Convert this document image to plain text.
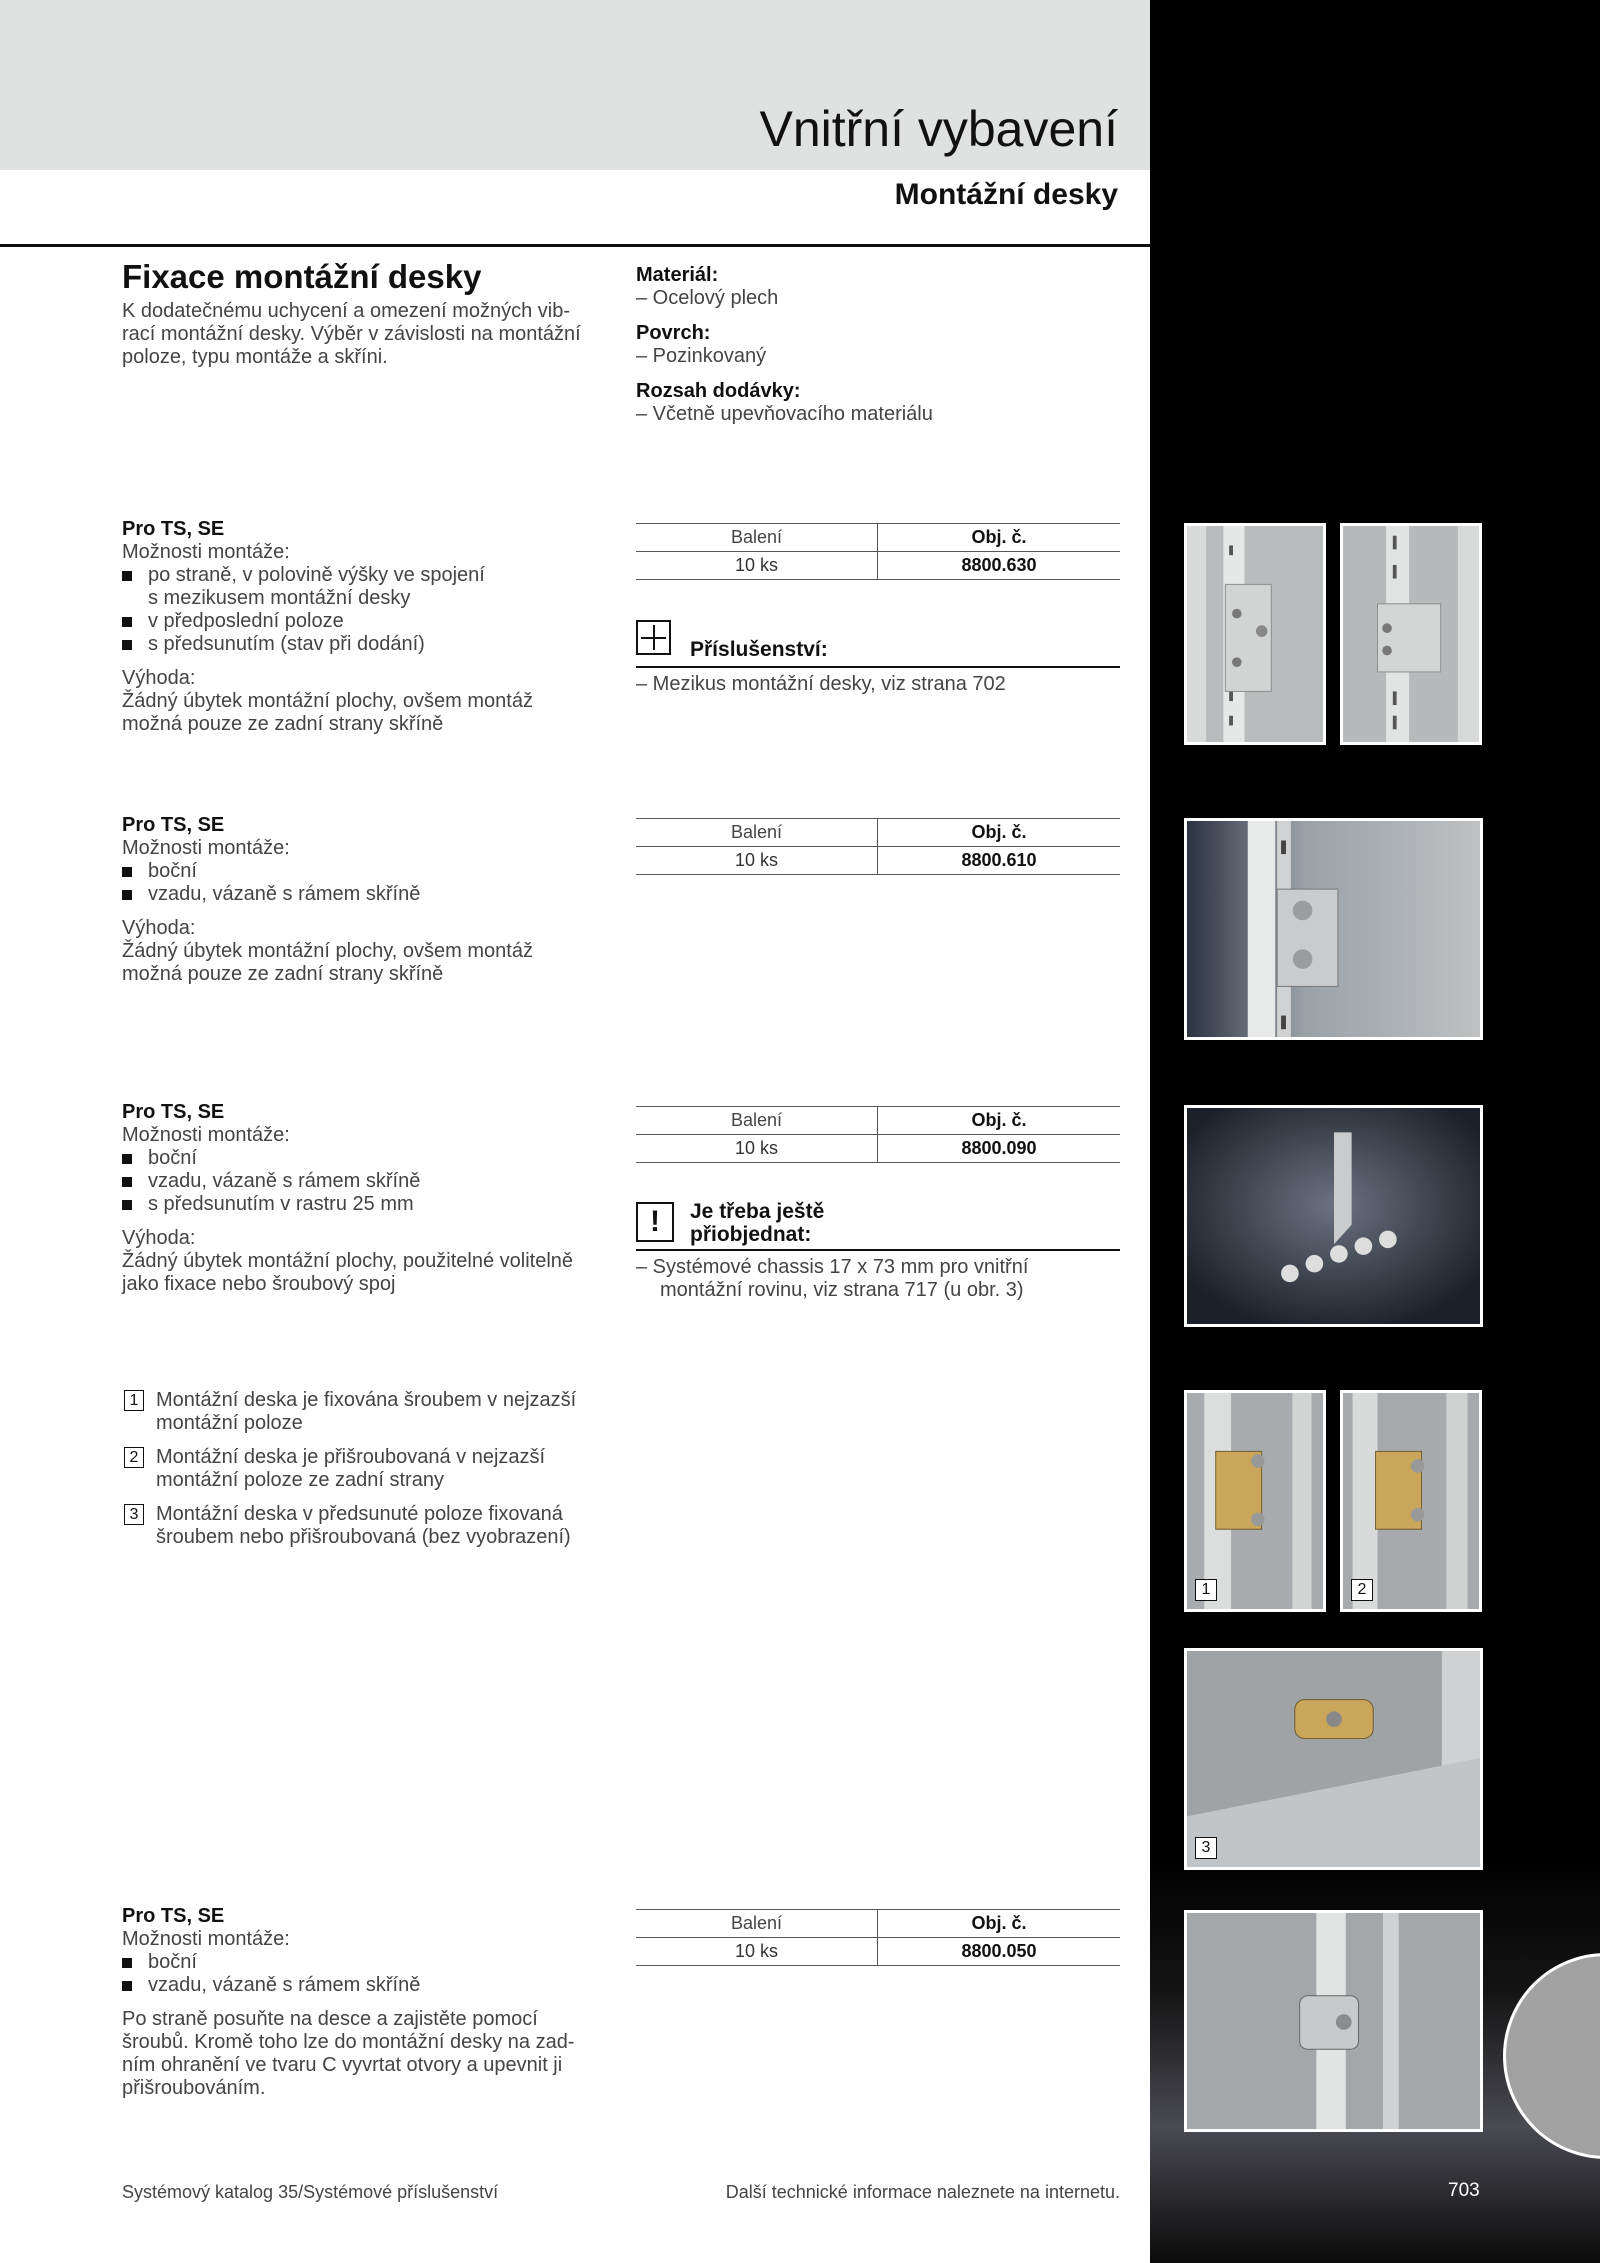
Vnitřní vybavení
Montážní desky
703
Fixace montážní desky
K dodatečnému uchycení a omezení možných vib-
rací montážní desky. Výběr v závislosti na montážní
poloze, typu montáže a skříni.
Materiál:
– Ocelový plech
Povrch:
– Pozinkovaný
Rozsah dodávky:
– Včetně upevňovacího materiálu
Pro TS, SE
Možnosti montáže:
po straně, v polovině výšky ve spojení
s mezikusem montážní desky
v předposlední poloze
s předsunutím (stav při dodání)
Výhoda:
Žádný úbytek montážní plochy, ovšem montáž
možná pouze ze zadní strany skříně
Balení	Obj. č.
10 ks	8800.630
Příslušenství:
– Mezikus montážní desky, viz strana 702
Pro TS, SE
Možnosti montáže:
boční
vzadu, vázaně s rámem skříně
Výhoda:
Žádný úbytek montážní plochy, ovšem montáž
možná pouze ze zadní strany skříně
Balení	Obj. č.
10 ks	8800.610
Pro TS, SE
Možnosti montáže:
boční
vzadu, vázaně s rámem skříně
s předsunutím v rastru 25 mm
Výhoda:
Žádný úbytek montážní plochy, použitelné volitelně
jako fixace nebo šroubový spoj
Balení	Obj. č.
10 ks	8800.090
!	Je třeba ještě
přiobjednat:
– Systémové chassis 17 x 73 mm pro vnitřní
montážní rovinu, viz strana 717 (u obr. 3)
1 Montážní deska je fixována šroubem v nejzazší
montážní poloze
2 Montážní deska je přišroubovaná v nejzazší
montážní poloze ze zadní strany
3 Montážní deska v předsunuté poloze fixovaná
šroubem nebo přišroubovaná (bez vyobrazení)
Pro TS, SE
Možnosti montáže:
boční
vzadu, vázaně s rámem skříně
Po straně posuňte na desce a zajistěte pomocí
šroubů. Kromě toho lze do montážní desky na zad-
ním ohranění ve tvaru C vyvrtat otvory a upevnit ji
přišroubováním.
Balení	Obj. č.
10 ks	8800.050
1	2
3
Systémový katalog 35/Systémové příslušenství	Další technické informace naleznete na internetu.
